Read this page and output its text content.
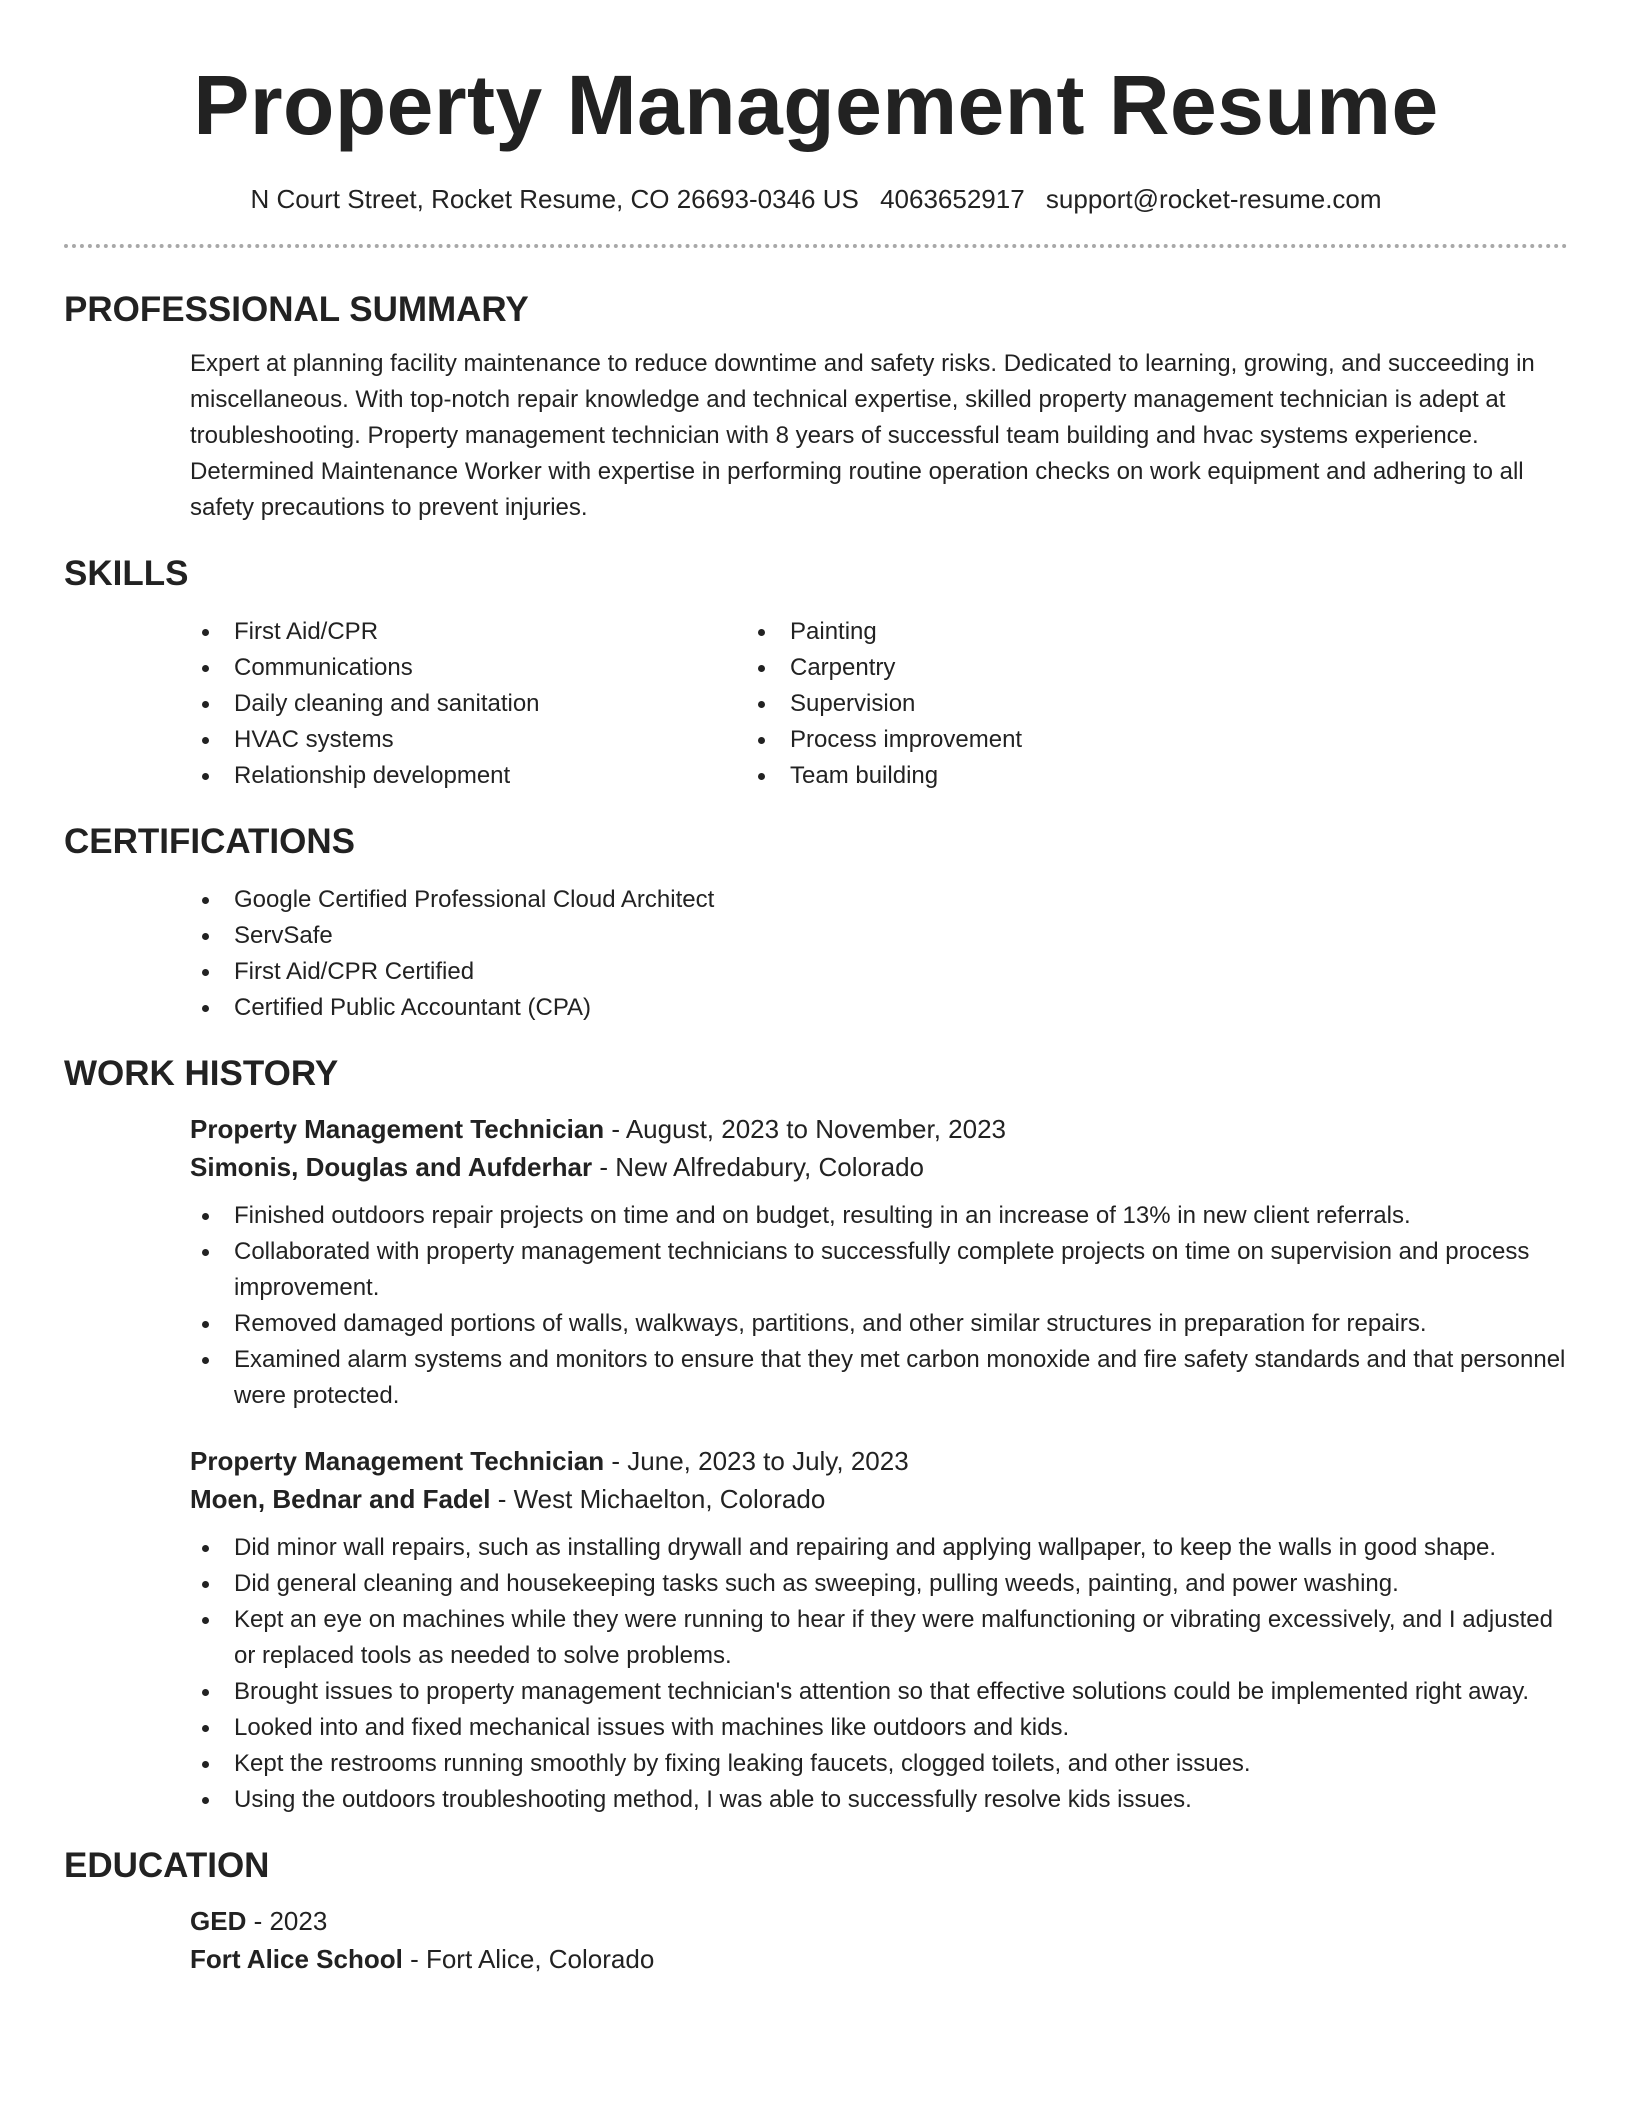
Property Management Resume
N Court Street, Rocket Resume, CO 26693-0346 US 4063652917 support@rocket-resume.com
PROFESSIONAL SUMMARY
Expert at planning facility maintenance to reduce downtime and safety risks. Dedicated to learning, growing, and succeeding in miscellaneous. With top-notch repair knowledge and technical expertise, skilled property management technician is adept at troubleshooting. Property management technician with 8 years of successful team building and hvac systems experience. Determined Maintenance Worker with expertise in performing routine operation checks on work equipment and adhering to all safety precautions to prevent injuries.
SKILLS
First Aid/CPR
Communications
Daily cleaning and sanitation
HVAC systems
Relationship development
Painting
Carpentry
Supervision
Process improvement
Team building
CERTIFICATIONS
Google Certified Professional Cloud Architect
ServSafe
First Aid/CPR Certified
Certified Public Accountant (CPA)
WORK HISTORY
Property Management Technician - August, 2023 to November, 2023
Simonis, Douglas and Aufderhar - New Alfredabury, Colorado
Finished outdoors repair projects on time and on budget, resulting in an increase of 13% in new client referrals.
Collaborated with property management technicians to successfully complete projects on time on supervision and process improvement.
Removed damaged portions of walls, walkways, partitions, and other similar structures in preparation for repairs.
Examined alarm systems and monitors to ensure that they met carbon monoxide and fire safety standards and that personnel were protected.
Property Management Technician - June, 2023 to July, 2023
Moen, Bednar and Fadel - West Michaelton, Colorado
Did minor wall repairs, such as installing drywall and repairing and applying wallpaper, to keep the walls in good shape.
Did general cleaning and housekeeping tasks such as sweeping, pulling weeds, painting, and power washing.
Kept an eye on machines while they were running to hear if they were malfunctioning or vibrating excessively, and I adjusted or replaced tools as needed to solve problems.
Brought issues to property management technician's attention so that effective solutions could be implemented right away.
Looked into and fixed mechanical issues with machines like outdoors and kids.
Kept the restrooms running smoothly by fixing leaking faucets, clogged toilets, and other issues.
Using the outdoors troubleshooting method, I was able to successfully resolve kids issues.
EDUCATION
GED - 2023
Fort Alice School - Fort Alice, Colorado
